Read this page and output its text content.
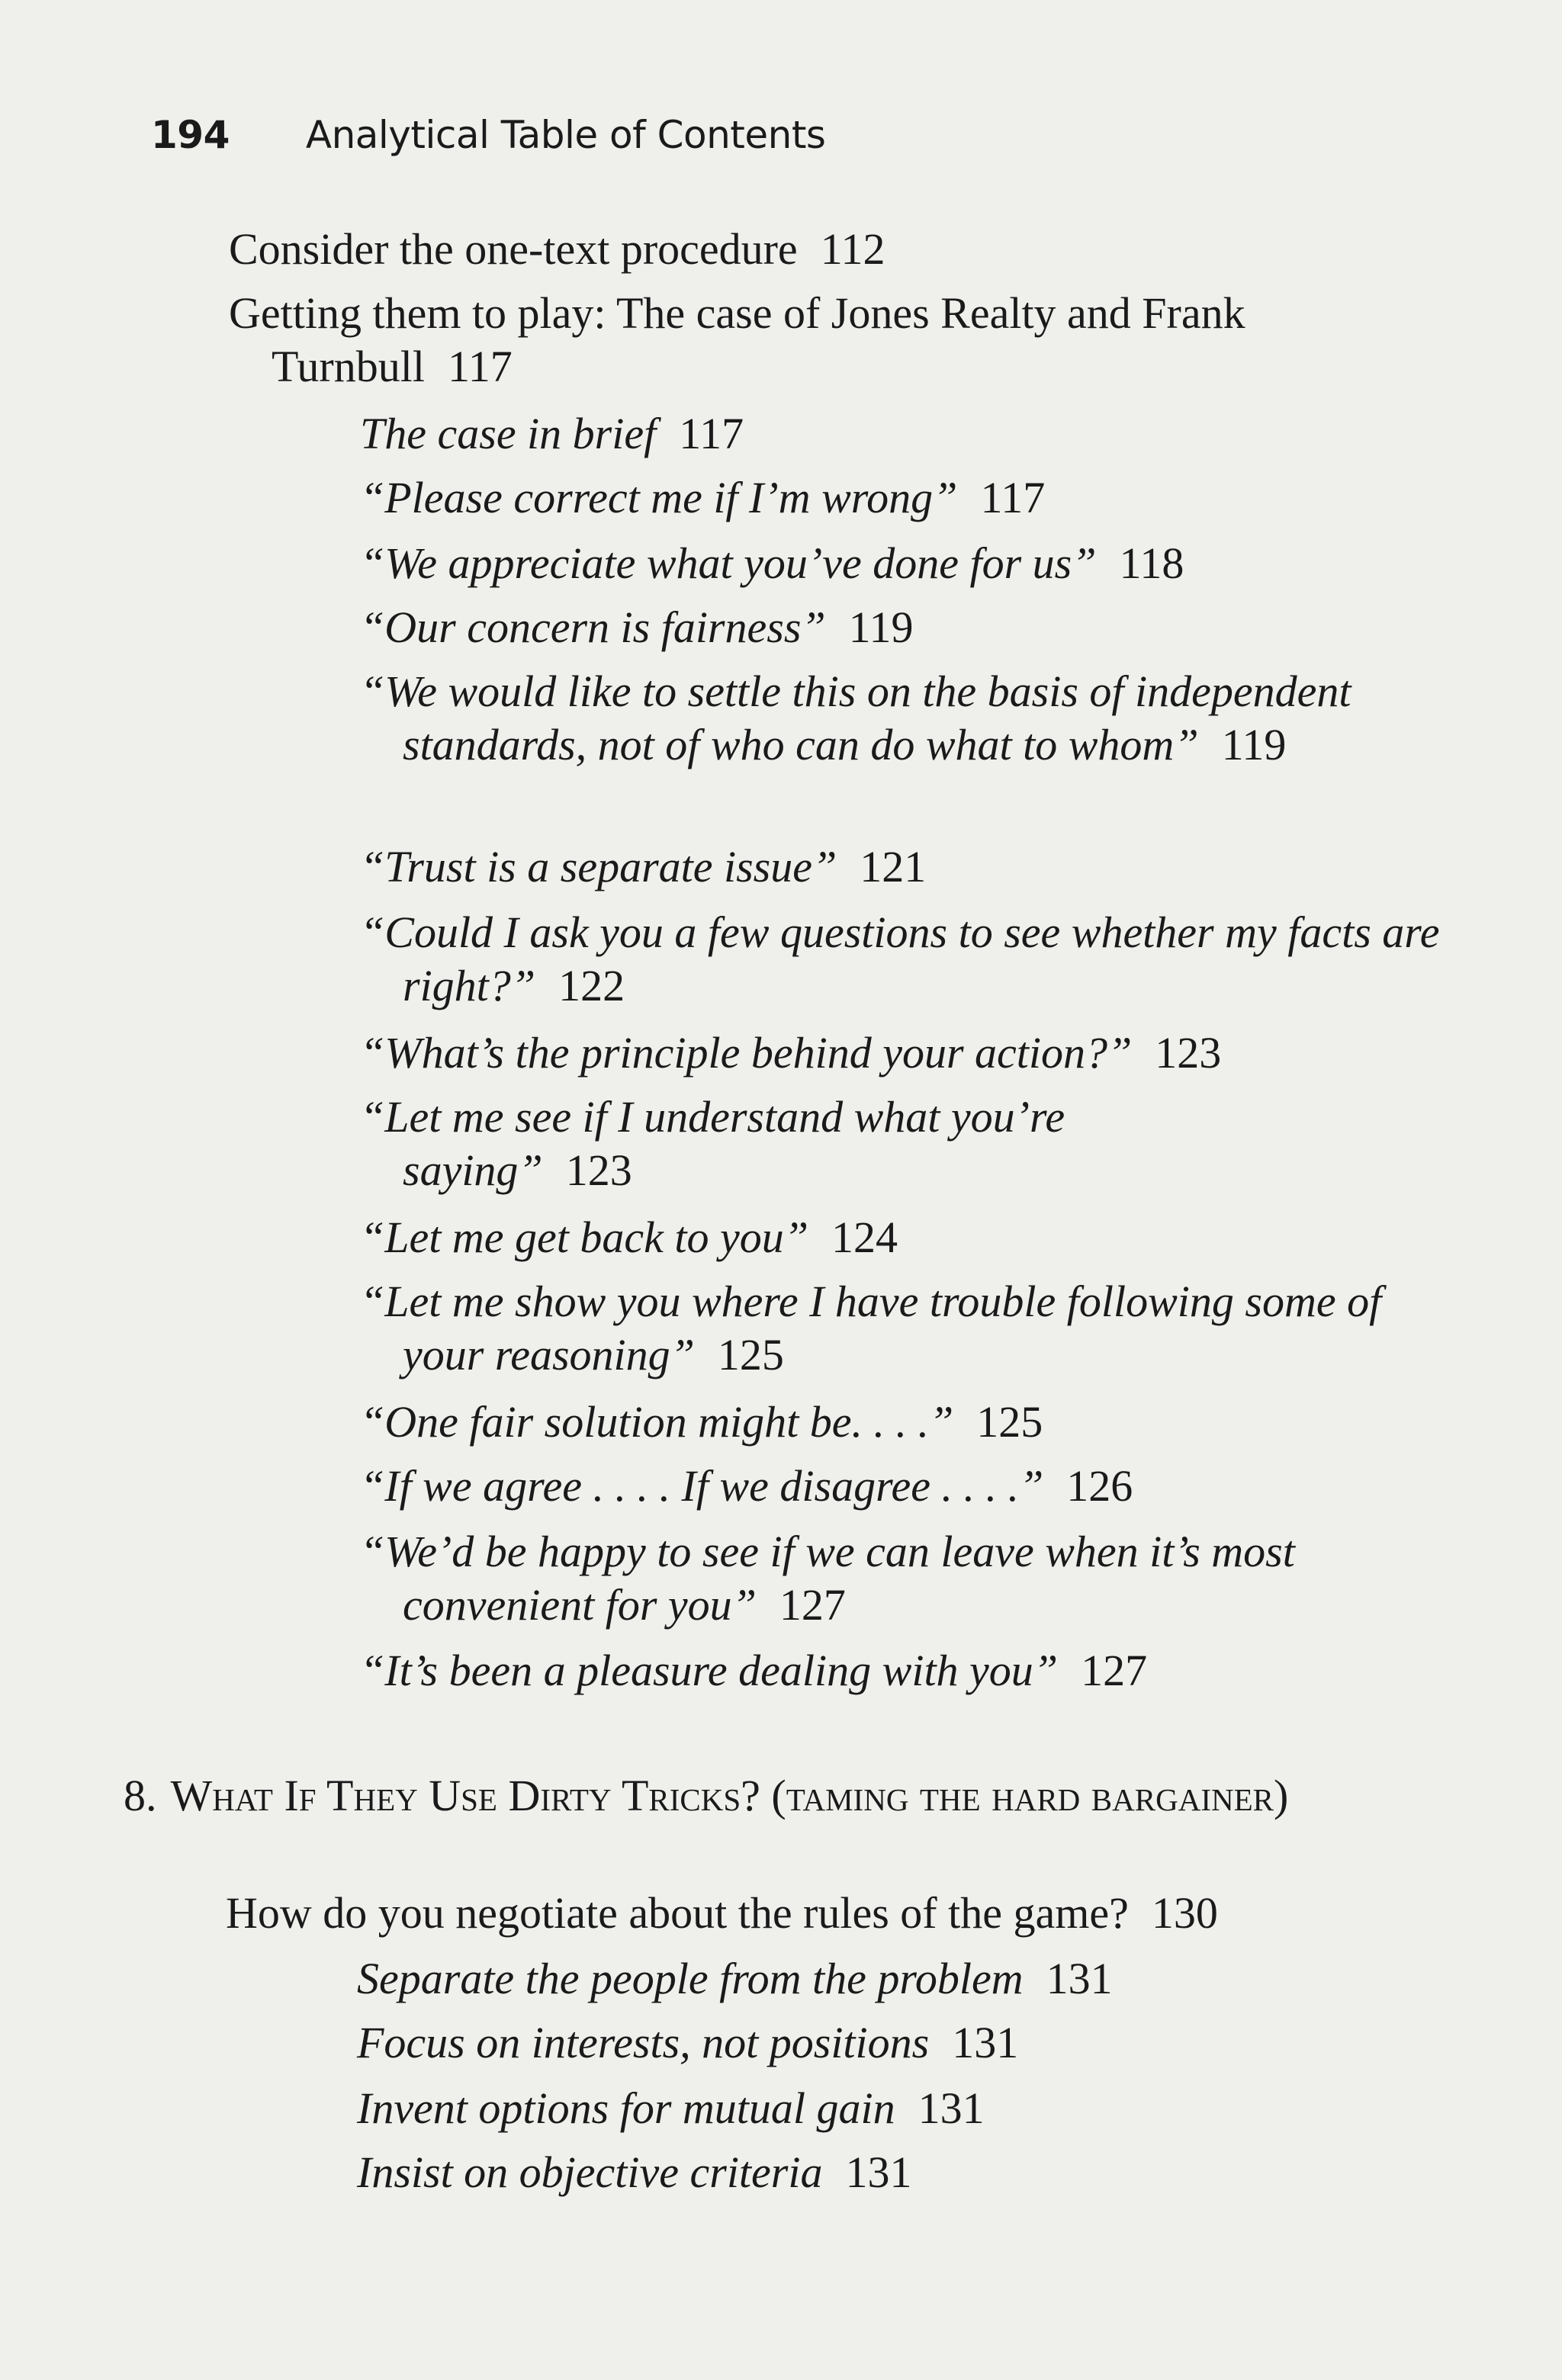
194 Analytical Table of Contents
Consider the one-text procedure 112
Getting them to play: The case of Jones Realty and Frank Turnbull 117
The case in brief 117
“Please correct me if I’m wrong” 117
“We appreciate what you’ve done for us” 118
“Our concern is fairness” 119
“We would like to settle this on the basis of independent standards, not of who can do what to whom” 119
“Trust is a separate issue” 121
“Could I ask you a few questions to see whether my facts are right?” 122
“What’s the principle behind your action?” 123
“Let me see if I understand what you’re saying” 123
“Let me get back to you” 124
“Let me show you where I have trouble following some of your reasoning” 125
“One fair solution might be. . . .” 125
“If we agree . . . . If we disagree . . . .” 126
“We’d be happy to see if we can leave when it’s most convenient for you” 127
“It’s been a pleasure dealing with you” 127
8. What If They Use Dirty Tricks? (taming the hard bargainer)
How do you negotiate about the rules of the game? 130
Separate the people from the problem 131
Focus on interests, not positions 131
Invent options for mutual gain 131
Insist on objective criteria 131
